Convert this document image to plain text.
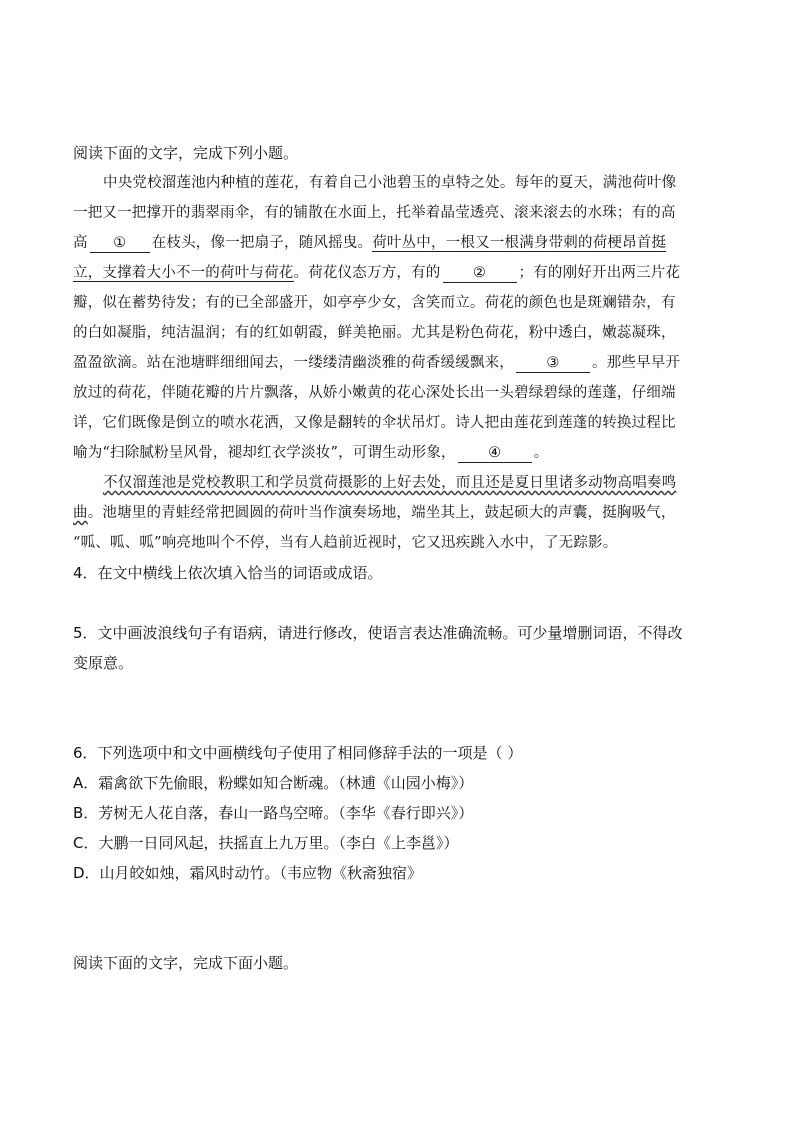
阅读下面的文字，完成下列小题。
中央党校溜莲池内种植的莲花，有着自己小池碧玉的卓特之处。每年的夏天，满池荷叶像
一把又一把撑开的翡翠雨伞，有的铺散在水面上，托举着晶莹透亮、滚来滚去的水珠；有的高
高 ① 在枝头，像一把扇子，随风摇曳。荷叶丛中，一根又一根满身带刺的荷梗昂首挺
立，支撑着大小不一的荷叶与荷花。荷花仪态万方，有的 ② ；有的刚好开出两三片花
瓣，似在蓄势待发；有的已全部盛开，如亭亭少女，含笑而立。荷花的颜色也是斑斓错杂，有
的白如凝脂，纯洁温润；有的红如朝霞，鲜美艳丽。尤其是粉色荷花，粉中透白，嫩蕊凝珠，
盈盈欲滴。站在池塘畔细细闻去，一缕缕清幽淡雅的荷香缓缓飘来， ③ 。那些早早开
放过的荷花，伴随花瓣的片片飘落，从娇小嫩黄的花心深处长出一头碧绿碧绿的莲蓬，仔细端
详，它们既像是倒立的喷水花洒，又像是翻转的伞状吊灯。诗人把由莲花到莲蓬的转换过程比
喻为“扫除腻粉呈风骨，褪却红衣学淡妆”，可谓生动形象， ④ 。
不仅溜莲池是党校教职工和学员赏荷摄影的上好去处，而且还是夏日里诸多动物高唱奏鸣
曲。池塘里的青蛙经常把圆圆的荷叶当作演奏场地，端坐其上，鼓起硕大的声囊，挺胸吸气，
“呱、呱、呱”响亮地叫个不停，当有人趋前近视时，它又迅疾跳入水中，了无踪影。
4．在文中横线上依次填入恰当的词语或成语。
5．文中画波浪线句子有语病，请进行修改，使语言表达准确流畅。可少量增删词语，不得改
变原意。
6．下列选项中和文中画横线句子使用了相同修辞手法的一项是（ ）
A．霜禽欲下先偷眼，粉蝶如知合断魂。（林逋《山园小梅》）
B．芳树无人花自落，春山一路鸟空啼。（李华《春行即兴》）
C．大鹏一日同风起，扶摇直上九万里。（李白《上李邕》）
D．山月皎如烛，霜风时动竹。（韦应物《秋斋独宿》
阅读下面的文字，完成下面小题。
